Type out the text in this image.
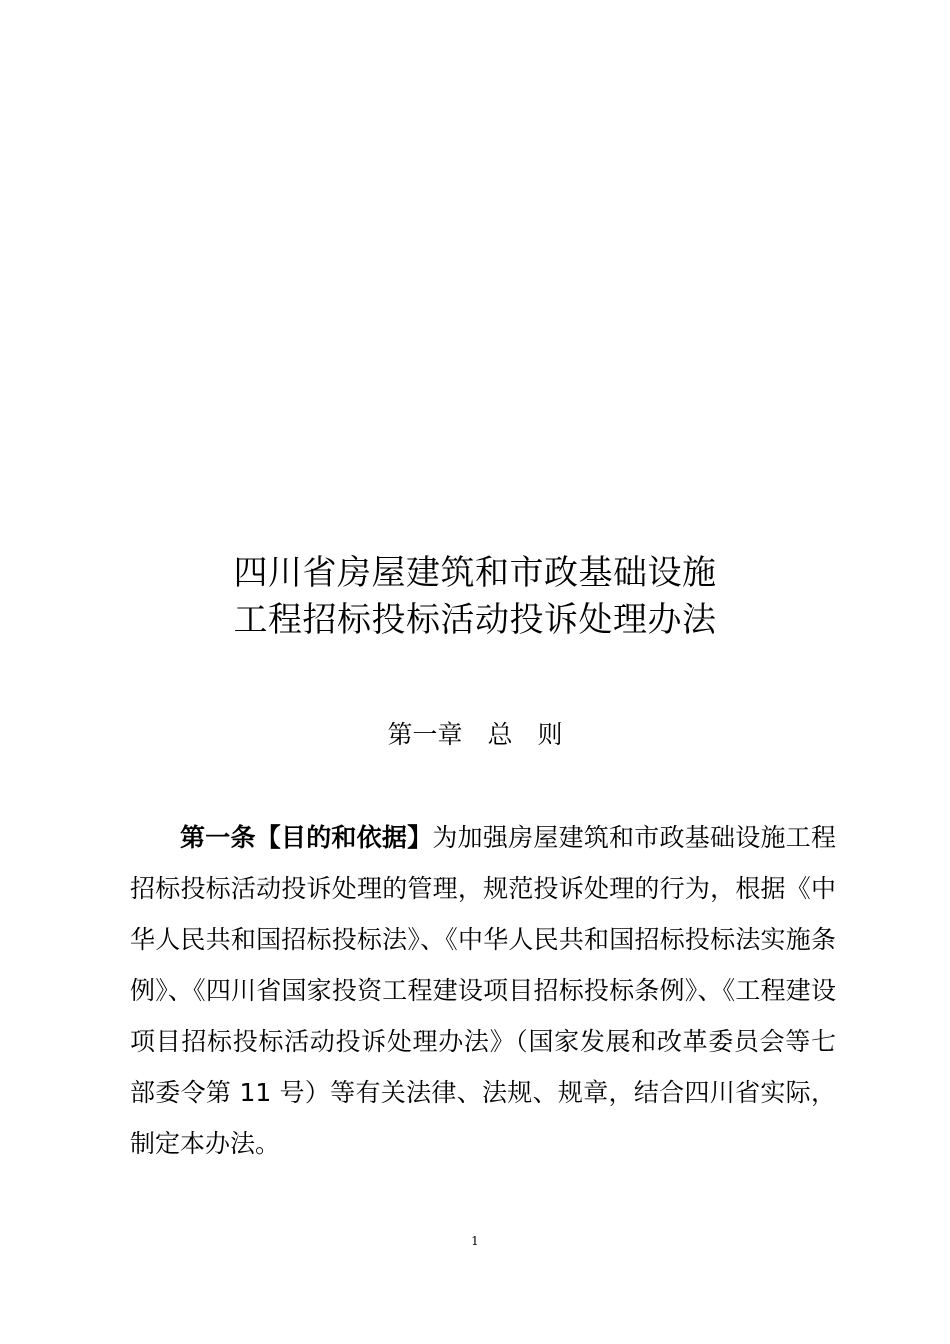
四川省房屋建筑和市政基础设施
工程招标投标活动投诉处理办法
第一章　总　则
第一条【目的和依据】为加强房屋建筑和市政基础设施工程招标投标活动投诉处理的管理，规范投诉处理的行为，根据《中华人民共和国招标投标法》、《中华人民共和国招标投标法实施条例》、《四川省国家投资工程建设项目招标投标条例》、《工程建设项目招标投标活动投诉处理办法》（国家发展和改革委员会等七部委令第 11 号）等有关法律、法规、规章，结合四川省实际，制定本办法。
1
